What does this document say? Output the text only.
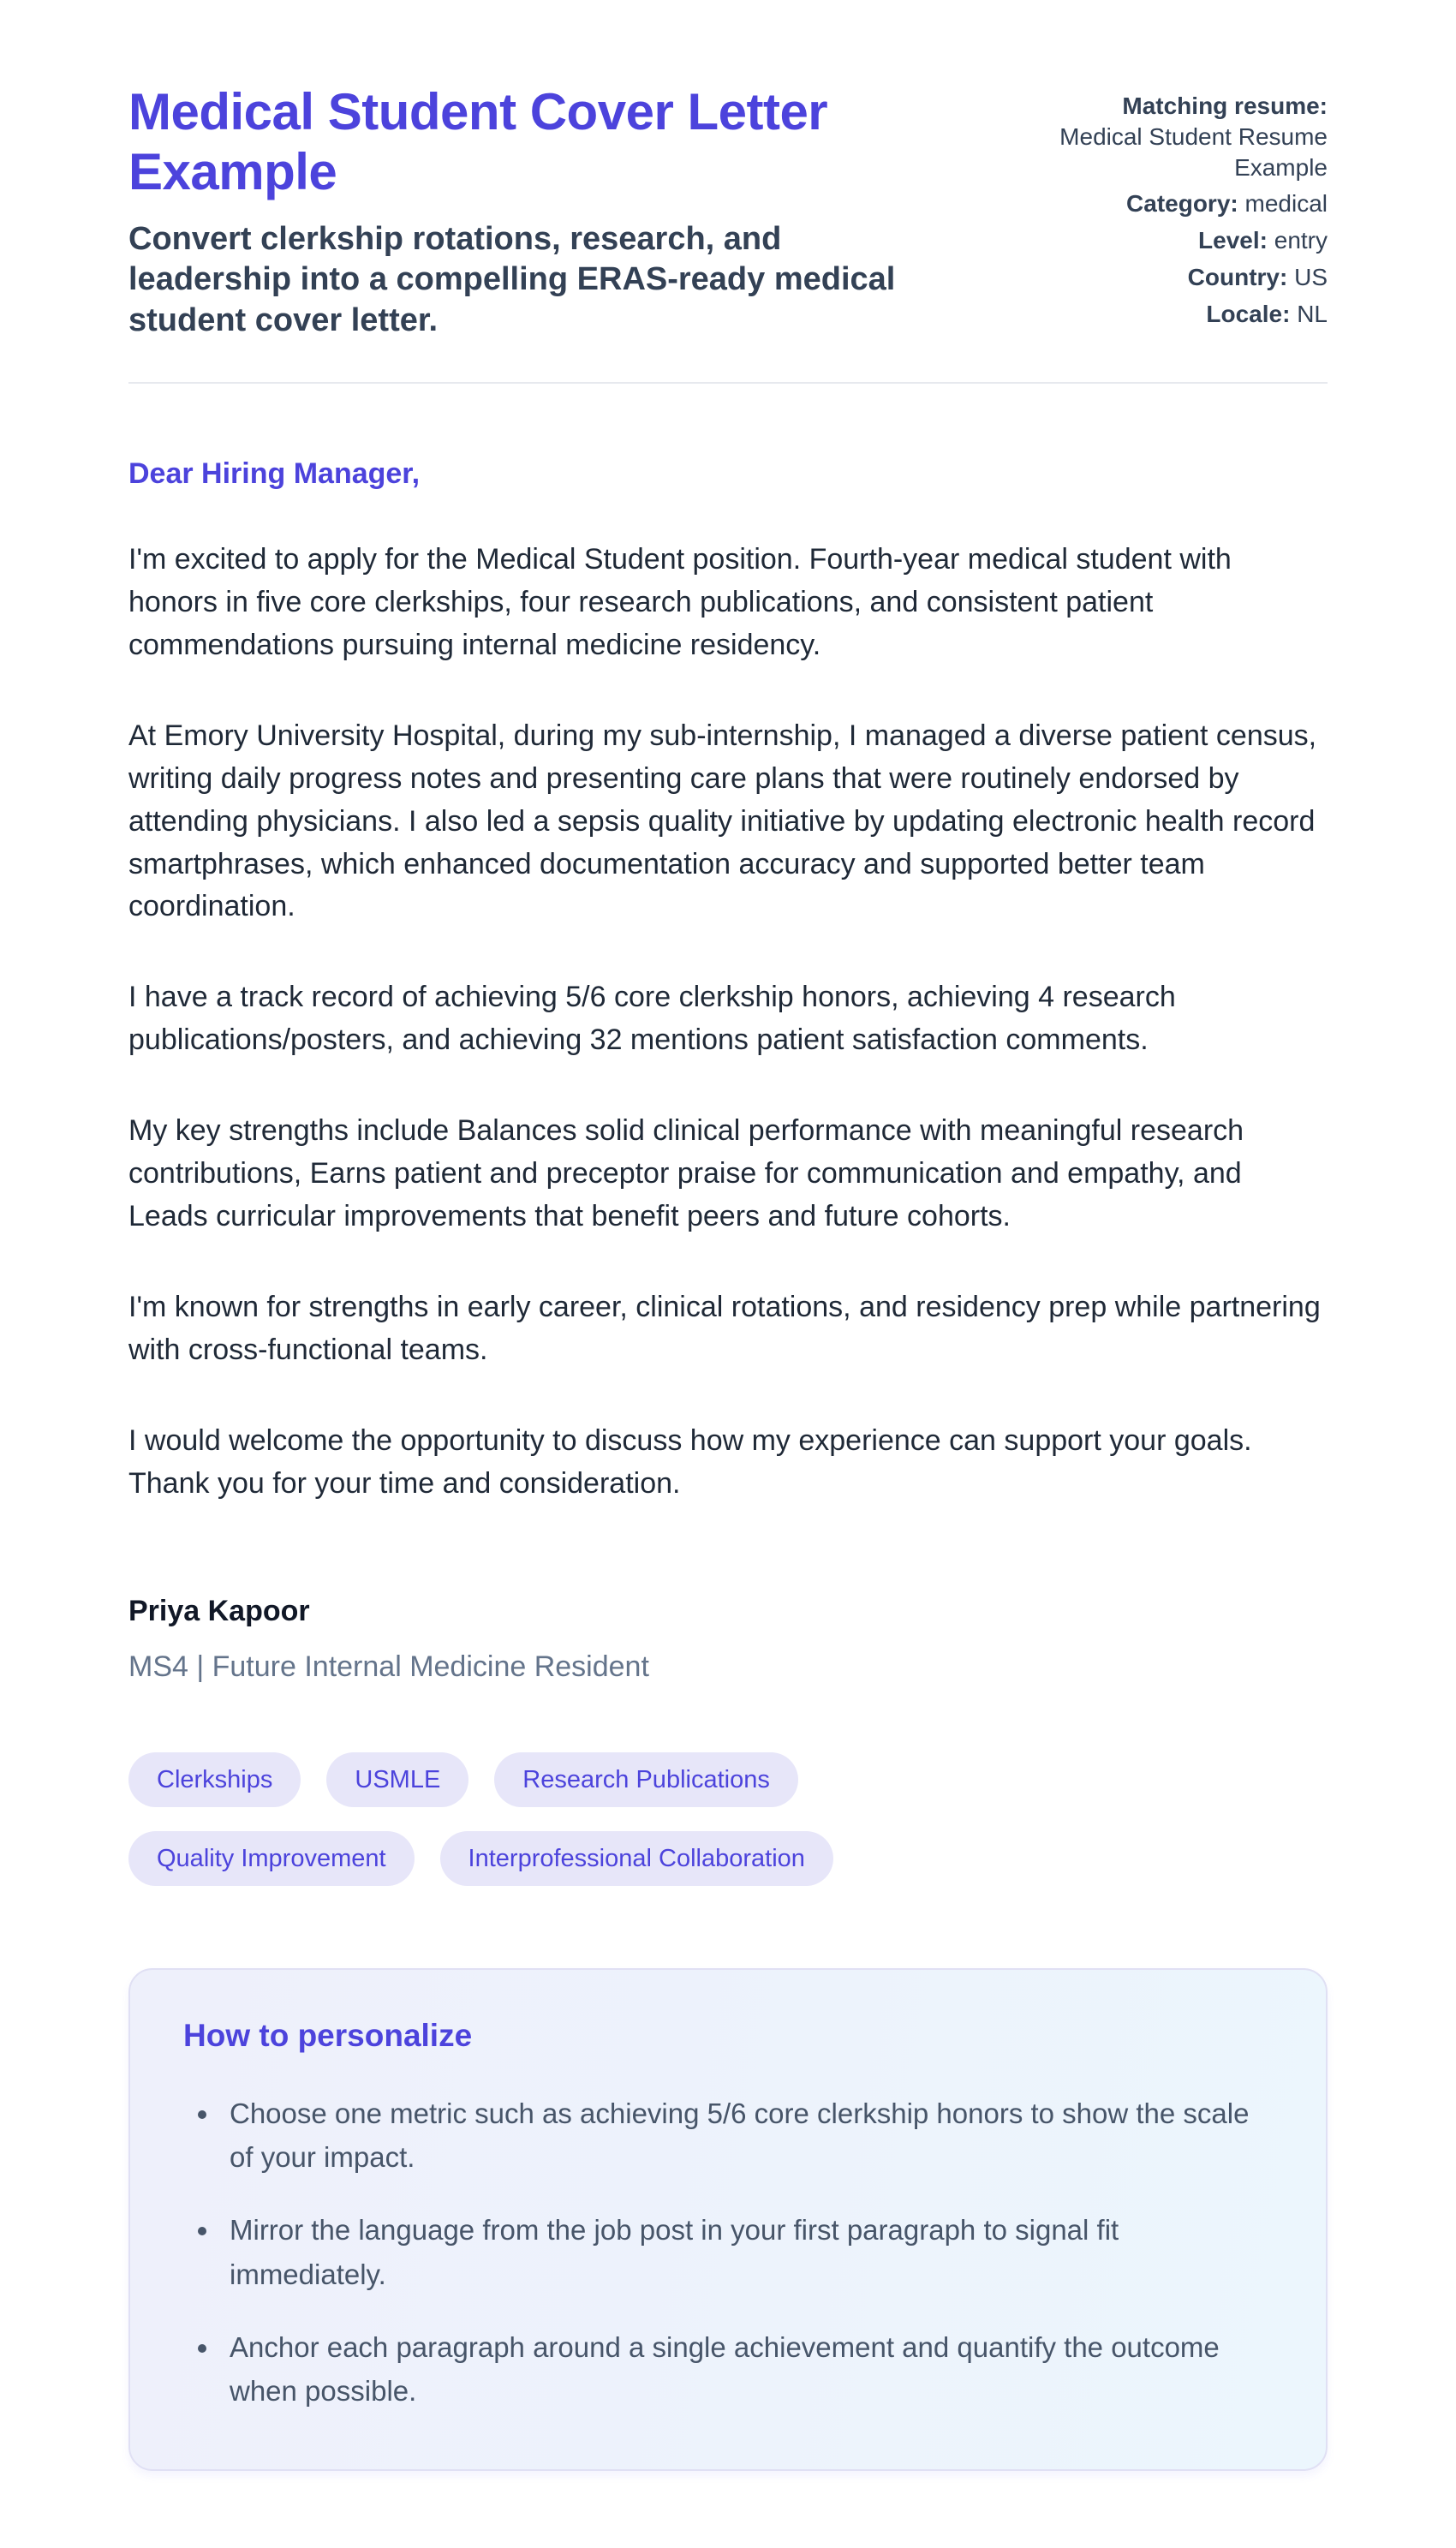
Medical Student Cover Letter Example

Convert clerkship rotations, research, and leadership into a compelling ERAS-ready medical student cover letter.

Matching resume:
Medical Student Resume Example
Category: medical
Level: entry
Country: US
Locale: NL

Dear Hiring Manager,

I'm excited to apply for the Medical Student position. Fourth-year medical student with honors in five core clerkships, four research publications, and consistent patient commendations pursuing internal medicine residency.

At Emory University Hospital, during my sub-internship, I managed a diverse patient census, writing daily progress notes and presenting care plans that were routinely endorsed by attending physicians. I also led a sepsis quality initiative by updating electronic health record smartphrases, which enhanced documentation accuracy and supported better team coordination.

I have a track record of achieving 5/6 core clerkship honors, achieving 4 research publications/posters, and achieving 32 mentions patient satisfaction comments.

My key strengths include Balances solid clinical performance with meaningful research contributions, Earns patient and preceptor praise for communication and empathy, and Leads curricular improvements that benefit peers and future cohorts.

I'm known for strengths in early career, clinical rotations, and residency prep while partnering with cross-functional teams.

I would welcome the opportunity to discuss how my experience can support your goals. Thank you for your time and consideration.

Priya Kapoor

MS4 | Future Internal Medicine Resident

Clerkships	USMLE	Research Publications
Quality Improvement	Interprofessional Collaboration
How to personalize
• Choose one metric such as achieving 5/6 core clerkship honors to show the scale of your impact.
• Mirror the language from the job post in your first paragraph to signal fit immediately.
• Anchor each paragraph around a single achievement and quantify the outcome when possible.
